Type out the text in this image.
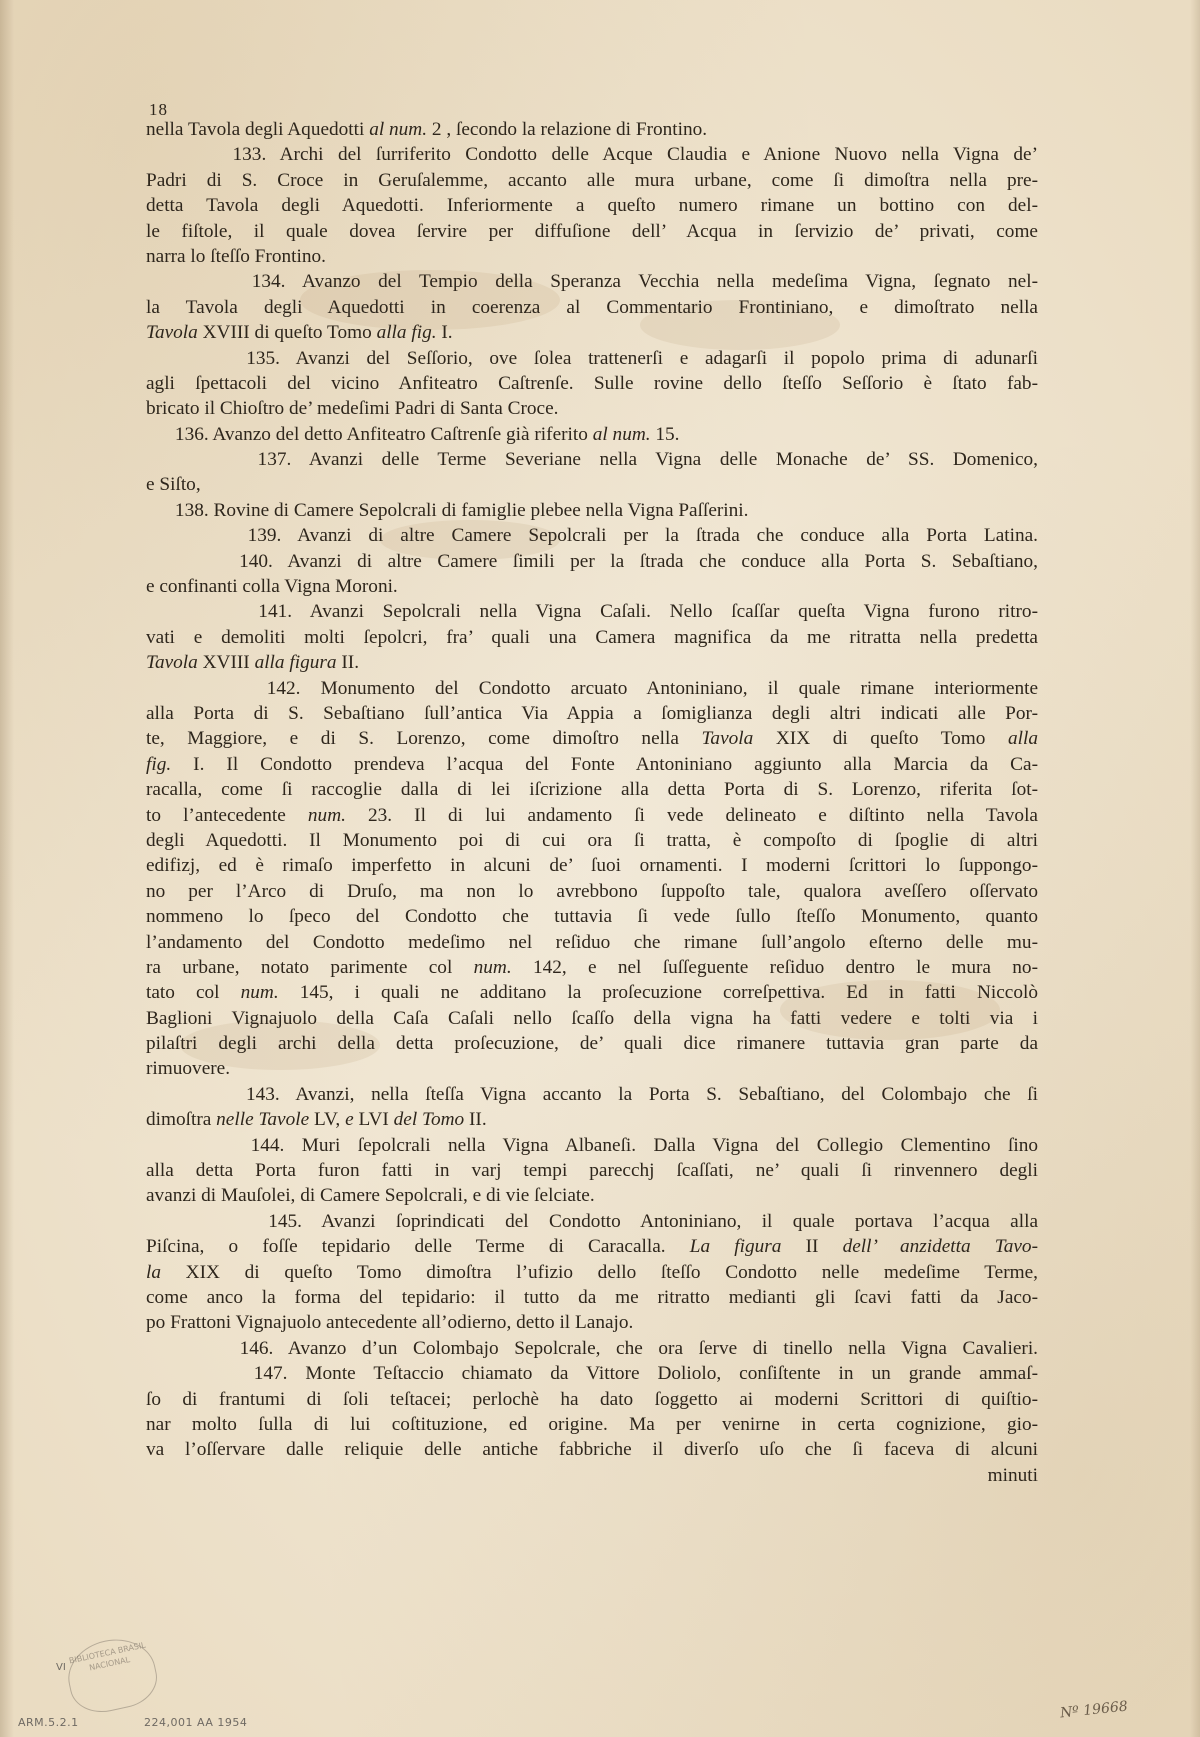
18
nella Tavola degli Aquedotti al num. 2 , ſecondo la relazione di Frontino.
133. Archi del ſurriferito Condotto delle Acque Claudia e Anione Nuovo nella Vigna de’
Padri di S. Croce in Geruſalemme, accanto alle mura urbane, come ſi dimoſtra nella pre-
detta Tavola degli Aquedotti. Inferiormente a queſto numero rimane un bottino con del-
le fiſtole, il quale dovea ſervire per diffuſione dell’ Acqua in ſervizio de’ privati, come
narra lo ſteſſo Frontino.
134. Avanzo del Tempio della Speranza Vecchia nella medeſima Vigna, ſegnato nel-
la Tavola degli Aquedotti in coerenza al Commentario Frontiniano, e dimoſtrato nella
Tavola XVIII di queſto Tomo alla fig. I.
135. Avanzi del Seſſorio, ove ſolea trattenerſi e adagarſi il popolo prima di adunarſi
agli ſpettacoli del vicino Anfiteatro Caſtrenſe. Sulle rovine dello ſteſſo Seſſorio è ſtato fab-
bricato il Chioſtro de’ medeſimi Padri di Santa Croce.
136. Avanzo del detto Anfiteatro Caſtrenſe già riferito al num. 15.
137. Avanzi delle Terme Severiane nella Vigna delle Monache de’ SS. Domenico,
e Siſto,
138. Rovine di Camere Sepolcrali di famiglie plebee nella Vigna Paſſerini.
139. Avanzi di altre Camere Sepolcrali per la ſtrada che conduce alla Porta Latina.
140. Avanzi di altre Camere ſimili per la ſtrada che conduce alla Porta S. Sebaſtiano,
e confinanti colla Vigna Moroni.
141. Avanzi Sepolcrali nella Vigna Caſali. Nello ſcaſſar queſta Vigna furono ritro-
vati e demoliti molti ſepolcri, fra’ quali una Camera magnifica da me ritratta nella predetta
Tavola XVIII alla figura II.
142. Monumento del Condotto arcuato Antoniniano, il quale rimane interiormente
alla Porta di S. Sebaſtiano ſull’antica Via Appia a ſomiglianza degli altri indicati alle Por-
te, Maggiore, e di S. Lorenzo, come dimoſtro nella Tavola XIX di queſto Tomo alla
fig. I. Il Condotto prendeva l’acqua del Fonte Antoniniano aggiunto alla Marcia da Ca-
racalla, come ſi raccoglie dalla di lei iſcrizione alla detta Porta di S. Lorenzo, riferita ſot-
to l’antecedente num. 23. Il di lui andamento ſi vede delineato e diſtinto nella Tavola
degli Aquedotti. Il Monumento poi di cui ora ſi tratta, è compoſto di ſpoglie di altri
edifizj, ed è rimaſo imperfetto in alcuni de’ ſuoi ornamenti. I moderni ſcrittori lo ſuppongo-
no per l’Arco di Druſo, ma non lo avrebbono ſuppoſto tale, qualora aveſſero oſſervato
nommeno lo ſpeco del Condotto che tuttavia ſi vede ſullo ſteſſo Monumento, quanto
l’andamento del Condotto medeſimo nel reſiduo che rimane ſull’angolo eſterno delle mu-
ra urbane, notato parimente col num. 142, e nel ſuſſeguente reſiduo dentro le mura no-
tato col num. 145, i quali ne additano la proſecuzione correſpettiva. Ed in fatti Niccolò
Baglioni Vignajuolo della Caſa Caſali nello ſcaſſo della vigna ha fatti vedere e tolti via i
pilaſtri degli archi della detta proſecuzione, de’ quali dice rimanere tuttavia gran parte da
rimuovere.
143. Avanzi, nella ſteſſa Vigna accanto la Porta S. Sebaſtiano, del Colombajo che ſi
dimoſtra nelle Tavole LV, e LVI del Tomo II.
144. Muri ſepolcrali nella Vigna Albaneſi. Dalla Vigna del Collegio Clementino ſino
alla detta Porta furon fatti in varj tempi parecchj ſcaſſati, ne’ quali ſi rinvennero degli
avanzi di Mauſolei, di Camere Sepolcrali, e di vie ſelciate.
145. Avanzi ſoprindicati del Condotto Antoniniano, il quale portava l’acqua alla
Piſcina, o foſſe tepidario delle Terme di Caracalla. La figura II dell’ anzidetta Tavo-
la XIX di queſto Tomo dimoſtra l’ufizio dello ſteſſo Condotto nelle medeſime Terme,
come anco la forma del tepidario: il tutto da me ritratto medianti gli ſcavi fatti da Jaco-
po Frattoni Vignajuolo antecedente all’odierno, detto il Lanajo.
146. Avanzo d’un Colombajo Sepolcrale, che ora ſerve di tinello nella Vigna Cavalieri.
147. Monte Teſtaccio chiamato da Vittore Doliolo, conſiſtente in un grande ammaſ-
ſo di frantumi di ſoli teſtacei; perlochè ha dato ſoggetto ai moderni Scrittori di quiſtio-
nar molto ſulla di lui coſtituzione, ed origine. Ma per venirne in certa cognizione, gio-
va l’oſſervare dalle reliquie delle antiche fabbriche il diverſo uſo che ſi faceva di alcuni
minuti
VI
BIBLIOTECA BRASIL NACIONAL
ARM.5.2.1	224,001 AA 1954
Nº 19668
